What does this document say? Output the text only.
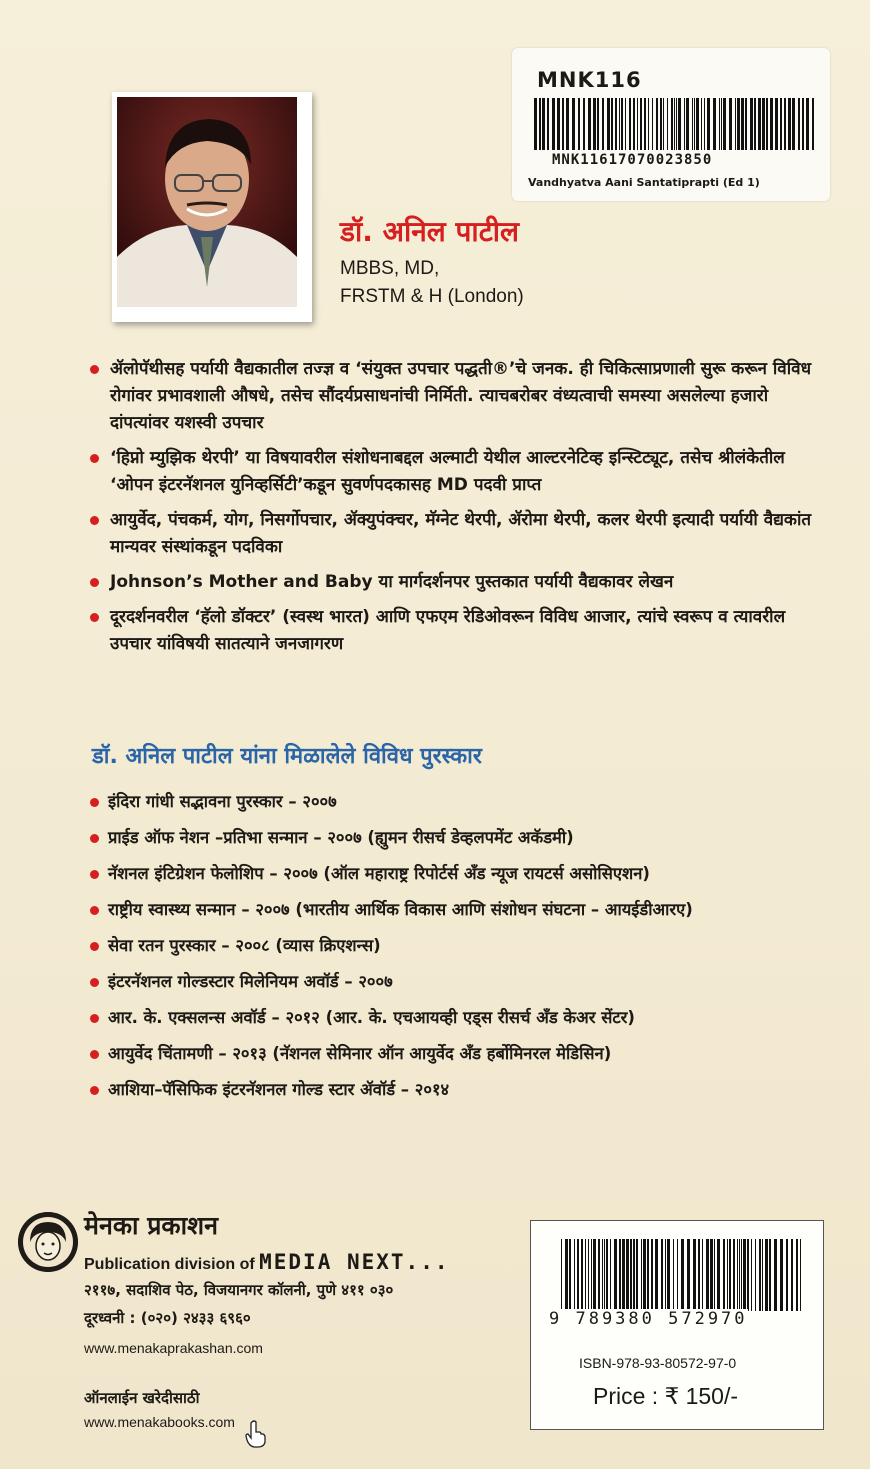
MNK116
MNK11617070023850
Vandhyatva Aani Santatiprapti (Ed 1)
डॉ. अनिल पाटील
MBBS, MD,
FRSTM & H (London)
ॲलोपॅथीसह पर्यायी वैद्यकातील तज्ज्ञ व ‘संयुक्त उपचार पद्धती®’चे जनक. ही चिकित्साप्रणाली सुरू करून विविध रोगांवर प्रभावशाली औषधे, तसेच सौंदर्यप्रसाधनांची निर्मिती. त्याचबरोबर वंध्यत्वाची समस्या असलेल्या हजारो दांपत्यांवर यशस्वी उपचार
‘हिप्नो म्युझिक थेरपी’ या विषयावरील संशोधनाबद्दल अल्माटी येथील आल्टरनेटिव्ह इन्स्टिट्यूट, तसेच श्रीलंकेतील ‘ओपन इंटरनॅशनल युनिव्हर्सिटी’कडून सुवर्णपदकासह MD पदवी प्राप्त
आयुर्वेद, पंचकर्म, योग, निसर्गोपचार, ॲक्युपंक्चर, मॅग्नेट थेरपी, ॲरोमा थेरपी, कलर थेरपी इत्यादी पर्यायी वैद्यकांत मान्यवर संस्थांकडून पदविका
Johnson’s Mother and Baby या मार्गदर्शनपर पुस्तकात पर्यायी वैद्यकावर लेखन
दूरदर्शनवरील ‘हॅलो डॉक्टर’ (स्वस्थ भारत) आणि एफएम रेडिओवरून विविध आजार, त्यांचे स्वरूप व त्यावरील उपचार यांविषयी सातत्याने जनजागरण
डॉ. अनिल पाटील यांना मिळालेले विविध पुरस्कार
इंदिरा गांधी सद्भावना पुरस्कार – २००७
प्राईड ऑफ नेशन –प्रतिभा सन्मान – २००७ (ह्युमन रीसर्च डेव्हलपमेंट अकॅडमी)
नॅशनल इंटिग्रेशन फेलोशिप – २००७ (ऑल महाराष्ट्र रिपोर्टर्स अँड न्यूज रायटर्स असोसिएशन)
राष्ट्रीय स्वास्थ्य सन्मान – २००७ (भारतीय आर्थिक विकास आणि संशोधन संघटना – आयईडीआरए)
सेवा रतन पुरस्कार – २००८ (व्यास क्रिएशन्स)
इंटरनॅशनल गोल्डस्टार मिलेनियम अवॉर्ड – २००७
आर. के. एक्सलन्स अवॉर्ड – २०१२ (आर. के. एचआयव्ही एड्स रीसर्च अँड केअर सेंटर)
आयुर्वेद चिंतामणी – २०१३ (नॅशनल सेमिनार ऑन आयुर्वेद अँड हर्बोमिनरल मेडिसिन)
आशिया–पॅसिफिक इंटरनॅशनल गोल्ड स्टार ॲवॉर्ड – २०१४
मेनका प्रकाशन
Publication division of MEDIA NEXT...
२११७, सदाशिव पेठ, विजयानगर कॉलनी, पुणे ४११ ०३०
दूरध्वनी : (०२०) २४३३ ६९६०
www.menakaprakashan.com
ऑनलाईन खरेदीसाठी
www.menakabooks.com
9 789380 572970
ISBN-978-93-80572-97-0
Price : ₹ 150/-
